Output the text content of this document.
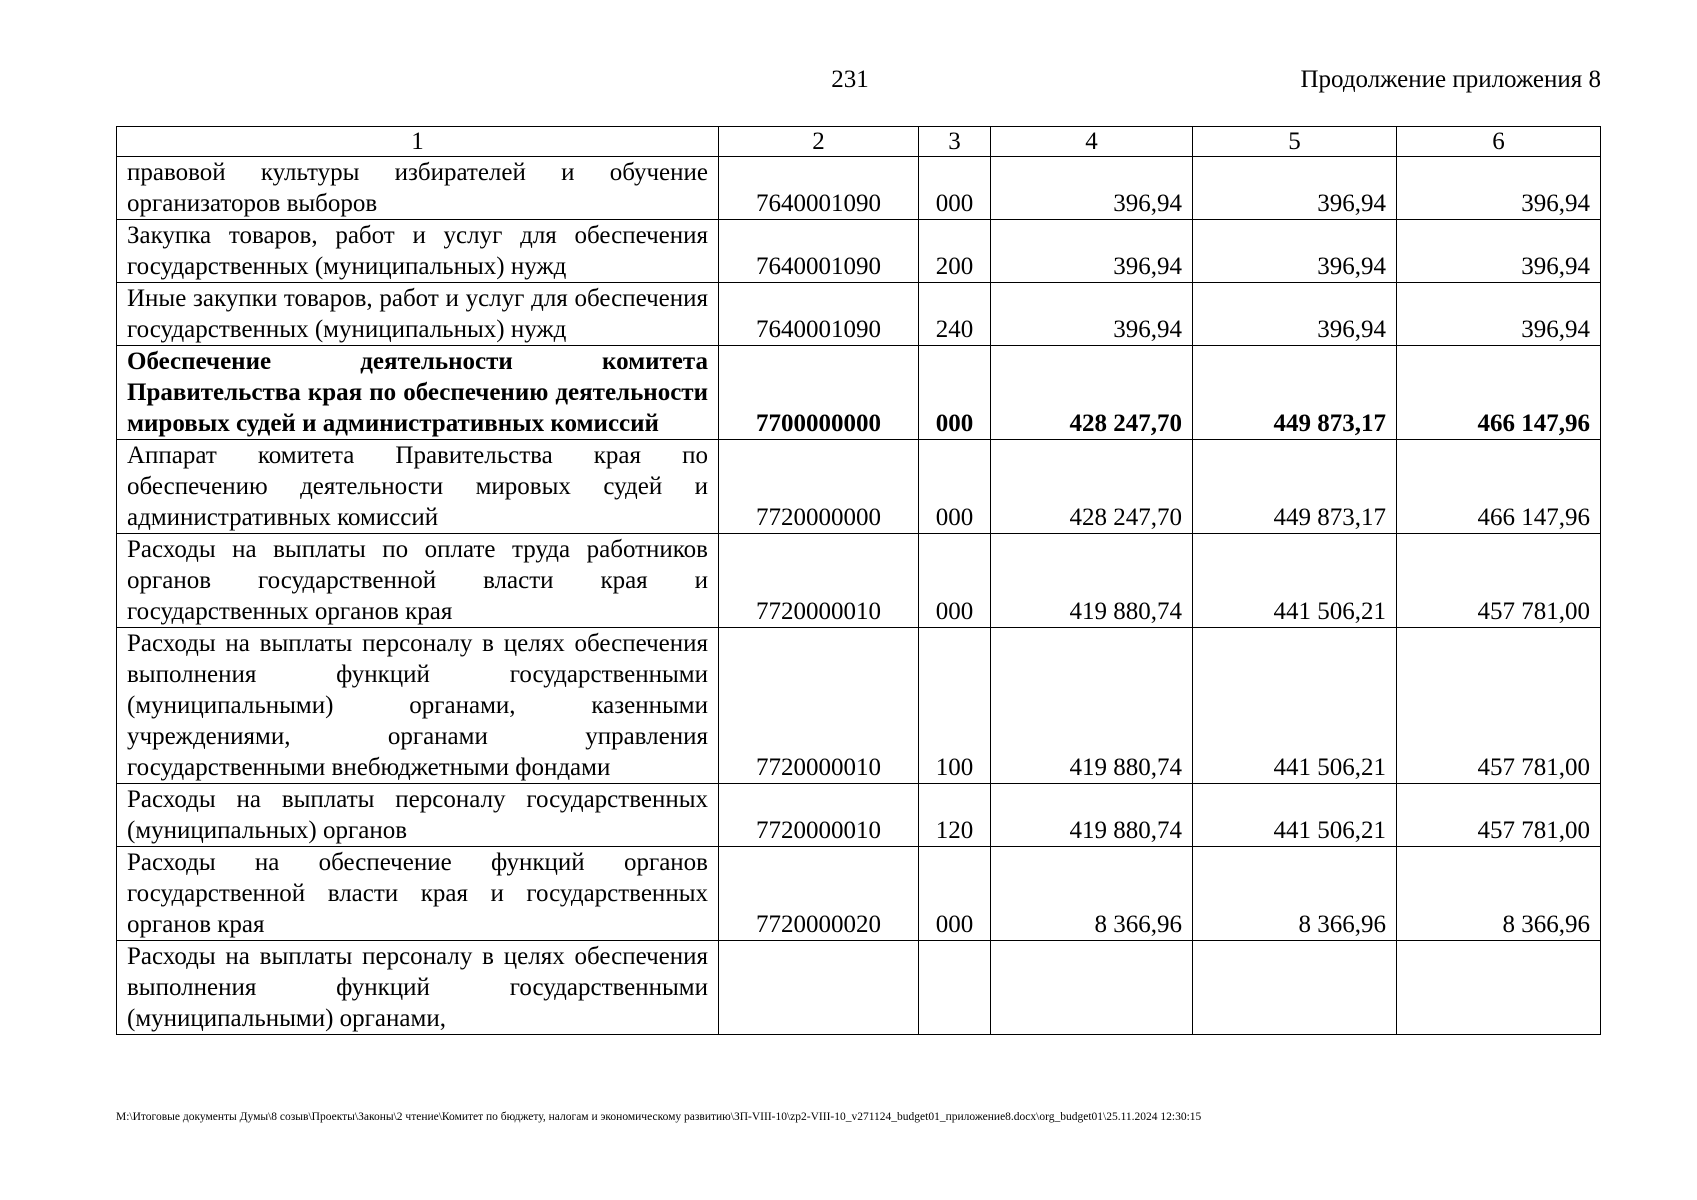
231	Продолжение приложения 8
1	2	3	4	5	6
правовой культуры избирателей и обучение организаторов выборов	7640001090	000	396,94	396,94	396,94
Закупка товаров, работ и услуг для обеспечения государственных (муниципальных) нужд	7640001090	200	396,94	396,94	396,94
Иные закупки товаров, работ и услуг для обеспечения государственных (муниципальных) нужд	7640001090	240	396,94	396,94	396,94
Обеспечение деятельности комитета Правительства края по обеспечению деятельности мировых судей и административных комиссий	7700000000	000	428 247,70	449 873,17	466 147,96
Аппарат комитета Правительства края по обеспечению деятельности мировых судей и административных комиссий	7720000000	000	428 247,70	449 873,17	466 147,96
Расходы на выплаты по оплате труда работников органов государственной власти края и государственных органов края	7720000010	000	419 880,74	441 506,21	457 781,00
Расходы на выплаты персоналу в целях обеспечения выполнения функций государственными (муниципальными) органами, казенными учреждениями, органами управления государственными внебюджетными фондами	7720000010	100	419 880,74	441 506,21	457 781,00
Расходы на выплаты персоналу государственных (муниципальных) органов	7720000010	120	419 880,74	441 506,21	457 781,00
Расходы на обеспечение функций органов государственной власти края и государственных органов края	7720000020	000	8 366,96	8 366,96	8 366,96
Расходы на выплаты персоналу в целях обеспечения выполнения функций государственными (муниципальными) органами,					
M:\Итоговые документы Думы\8 созыв\Проекты\Законы\2 чтение\Комитет по бюджету, налогам и экономическому развитию\ЗП-VIII-10\zp2-VIII-10_v271124_budget01_приложение8.docx\org_budget01\25.11.2024 12:30:15
